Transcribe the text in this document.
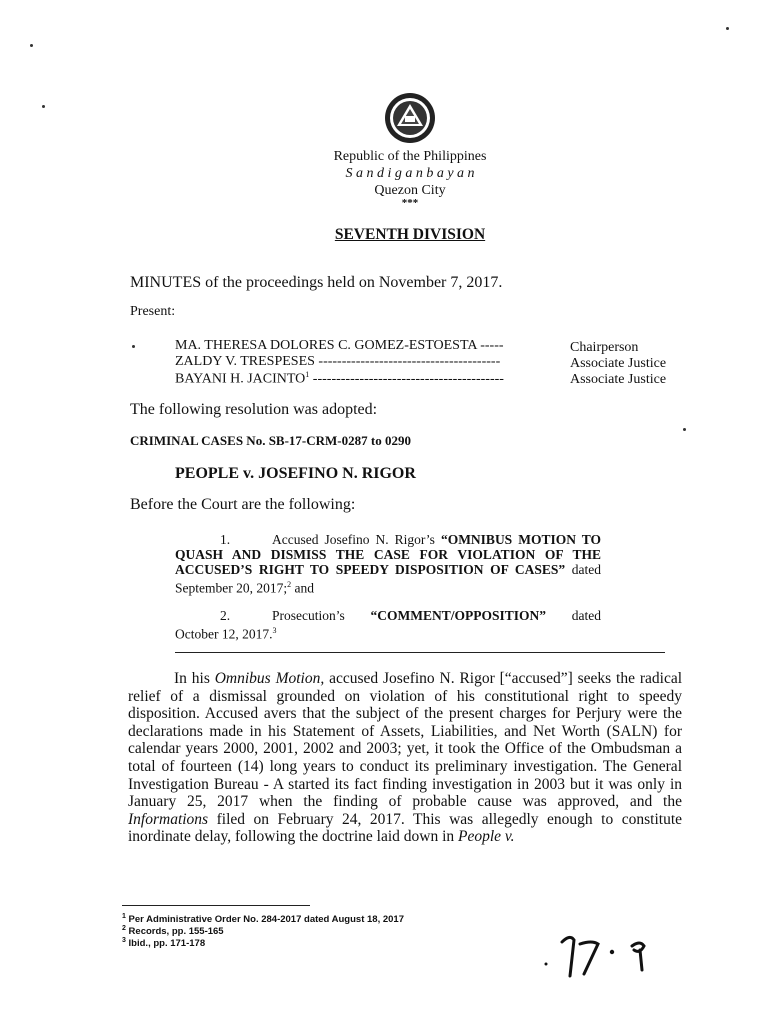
Republic of the Philippines
S a n d i g a n b a y a n
Quezon City
***
SEVENTH DIVISION
MINUTES of the proceedings held on November 7, 2017.
Present:
MA. THERESA DOLORES C. GOMEZ-ESTOESTA -----	Chairperson
ZALDY V. TRESPESES ---------------------------------------	Associate Justice
BAYANI H. JACINTO$^1$ -----------------------------------------	Associate Justice
The following resolution was adopted:
CRIMINAL CASES No. SB-17-CRM-0287 to 0290
PEOPLE v. JOSEFINO N. RIGOR
Before the Court are the following:
1.	Accused Josefino N. Rigor’s “OMNIBUS MOTION TO QUASH AND DISMISS THE CASE FOR VIOLATION OF THE ACCUSED’S RIGHT TO SPEEDY DISPOSITION OF CASES” dated September 20, 2017;$^2$ and
2.	Prosecution’s “COMMENT/OPPOSITION” dated October 12, 2017.$^3$
In his Omnibus Motion, accused Josefino N. Rigor [“accused”] seeks the radical relief of a dismissal grounded on violation of his constitutional right to speedy disposition. Accused avers that the subject of the present charges for Perjury were the declarations made in his Statement of Assets, Liabilities, and Net Worth (SALN) for calendar years 2000, 2001, 2002 and 2003; yet, it took the Office of the Ombudsman a total of fourteen (14) long years to conduct its preliminary investigation. The General Investigation Bureau - A started its fact finding investigation in 2003 but it was only in January 25, 2017 when the finding of probable cause was approved, and the Informations filed on February 24, 2017. This was allegedly enough to constitute inordinate delay, following the doctrine laid down in People v.
$^1$ Per Administrative Order No. 284-2017 dated August 18, 2017
$^2$ Records, pp. 155-165
$^3$ Ibid., pp. 171-178
